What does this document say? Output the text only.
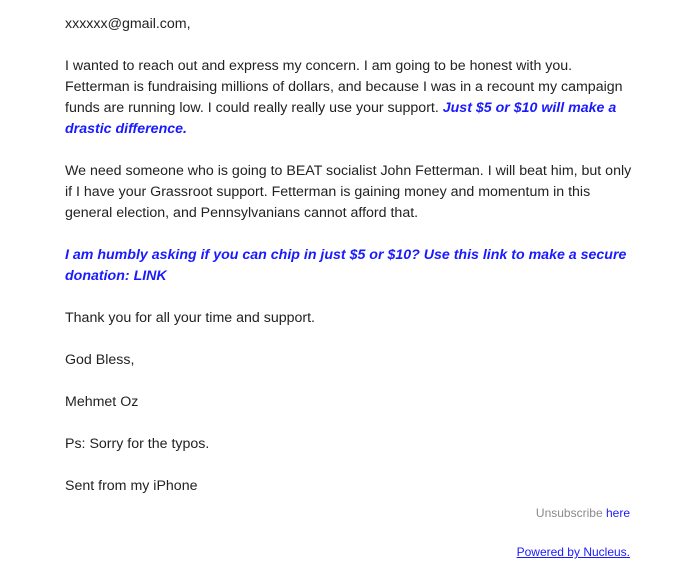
xxxxxx@gmail.com,

I wanted to reach out and express my concern. I am going to be honest with you. Fetterman is fundraising millions of dollars, and because I was in a recount my campaign funds are running low. I could really really use your support. Just $5 or $10 will make a drastic difference.

We need someone who is going to BEAT socialist John Fetterman. I will beat him, but only if I have your Grassroot support. Fetterman is gaining money and momentum in this general election, and Pennsylvanians cannot afford that.

I am humbly asking if you can chip in just $5 or $10? Use this link to make a secure donation: LINK

Thank you for all your time and support.

God Bless,

Mehmet Oz

Ps: Sorry for the typos.

Sent from my iPhone

Unsubscribe here
Powered by Nucleus.
